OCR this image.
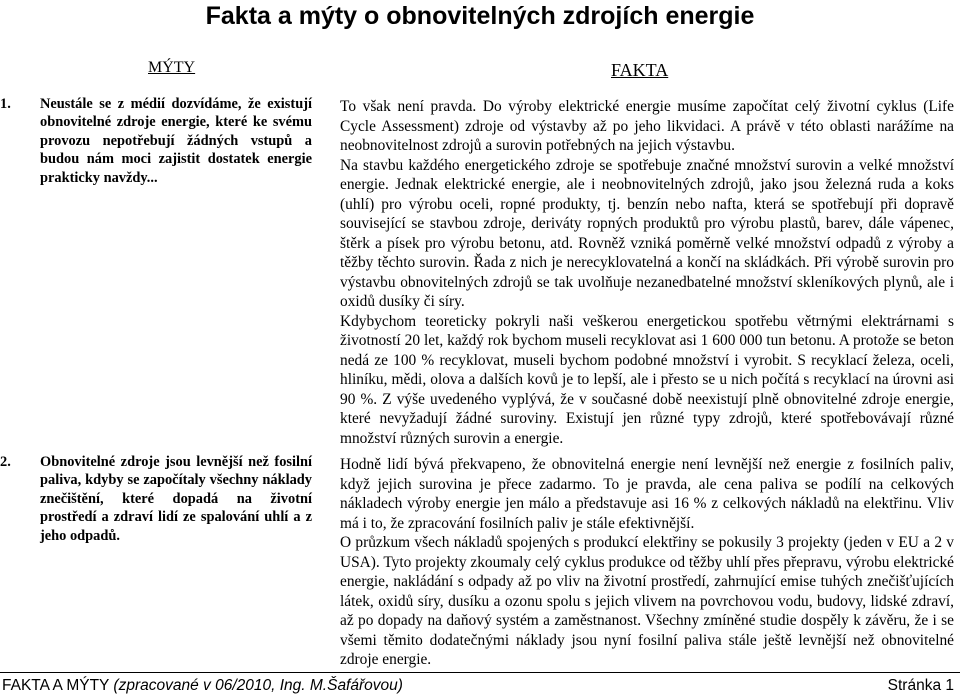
Fakta a mýty o obnovitelných zdrojích energie
MÝTY	FAKTA
1. Neustále se z médií dozvídáme, že existují obnovitelné zdroje energie, které ke svému provozu nepotřebují žádných vstupů a budou nám moci zajistit dostatek energie prakticky navždy...

To však není pravda. Do výroby elektrické energie musíme započítat celý životní cyklus (Life Cycle Assessment) zdroje od výstavby až po jeho likvidaci. A právě v této oblasti narážíme na neobnovitelnost zdrojů a surovin potřebných na jejich výstavbu.

Na stavbu každého energetického zdroje se spotřebuje značné množství surovin a velké množství energie. Jednak elektrické energie, ale i neobnovitelných zdrojů, jako jsou železná ruda a koks (uhlí) pro výrobu oceli, ropné produkty, tj. benzín nebo nafta, která se spotřebují při dopravě související se stavbou zdroje, deriváty ropných produktů pro výrobu plastů, barev, dále vápenec, štěrk a písek pro výrobu betonu, atd. Rovněž vzniká poměrně velké množství odpadů z výroby a těžby těchto surovin. Řada z nich je nerecyklovatelná a končí na skládkách. Při výrobě surovin pro výstavbu obnovitelných zdrojů se tak uvolňuje nezanedbatelné množství skleníkových plynů, ale i oxidů dusíky či síry.

Kdybychom teoreticky pokryli naši veškerou energetickou spotřebu větrnými elektrárnami s životností 20 let, každý rok bychom museli recyklovat asi 1 600 000 tun betonu. A protože se beton nedá ze 100 % recyklovat, museli bychom podobné množství i vyrobit. S recyklací železa, oceli, hliníku, mědi, olova a dalších kovů je to lepší, ale i přesto se u nich počítá s recyklací na úrovni asi 90 %. Z výše uvedeného vyplývá, že v současné době neexistují plně obnovitelné zdroje energie, které nevyžadují žádné suroviny. Existují jen různé typy zdrojů, které spotřebovávají různé množství různých surovin a energie.

2. Obnovitelné zdroje jsou levnější než fosilní paliva, kdyby se započítaly všechny náklady znečištění, které dopadá na životní prostředí a zdraví lidí ze spalování uhlí a z jeho odpadů.

Hodně lidí bývá překvapeno, že obnovitelná energie není levnější než energie z fosilních paliv, když jejich surovina je přece zadarmo. To je pravda, ale cena paliva se podílí na celkových nákladech výroby energie jen málo a představuje asi 16 % z celkových nákladů na elektřinu. Vliv má i to, že zpracování fosilních paliv je stále efektivnější.

O průzkum všech nákladů spojených s produkcí elektřiny se pokusily 3 projekty (jeden v EU a 2 v USA). Tyto projekty zkoumaly celý cyklus produkce od těžby uhlí přes přepravu, výrobu elektrické energie, nakládání s odpady až po vliv na životní prostředí, zahrnující emise tuhých znečišťujících látek, oxidů síry, dusíku a ozonu spolu s jejich vlivem na povrchovou vodu, budovy, lidské zdraví, až po dopady na daňový systém a zaměstnanost. Všechny zmíněné studie dospěly k závěru, že i se všemi těmito dodatečnými náklady jsou nyní fosilní paliva stále ještě levnější než obnovitelné zdroje energie.

FAKTA A MÝTY (zpracované v 06/2010, Ing. M.Šafářovou)	Stránka 1
